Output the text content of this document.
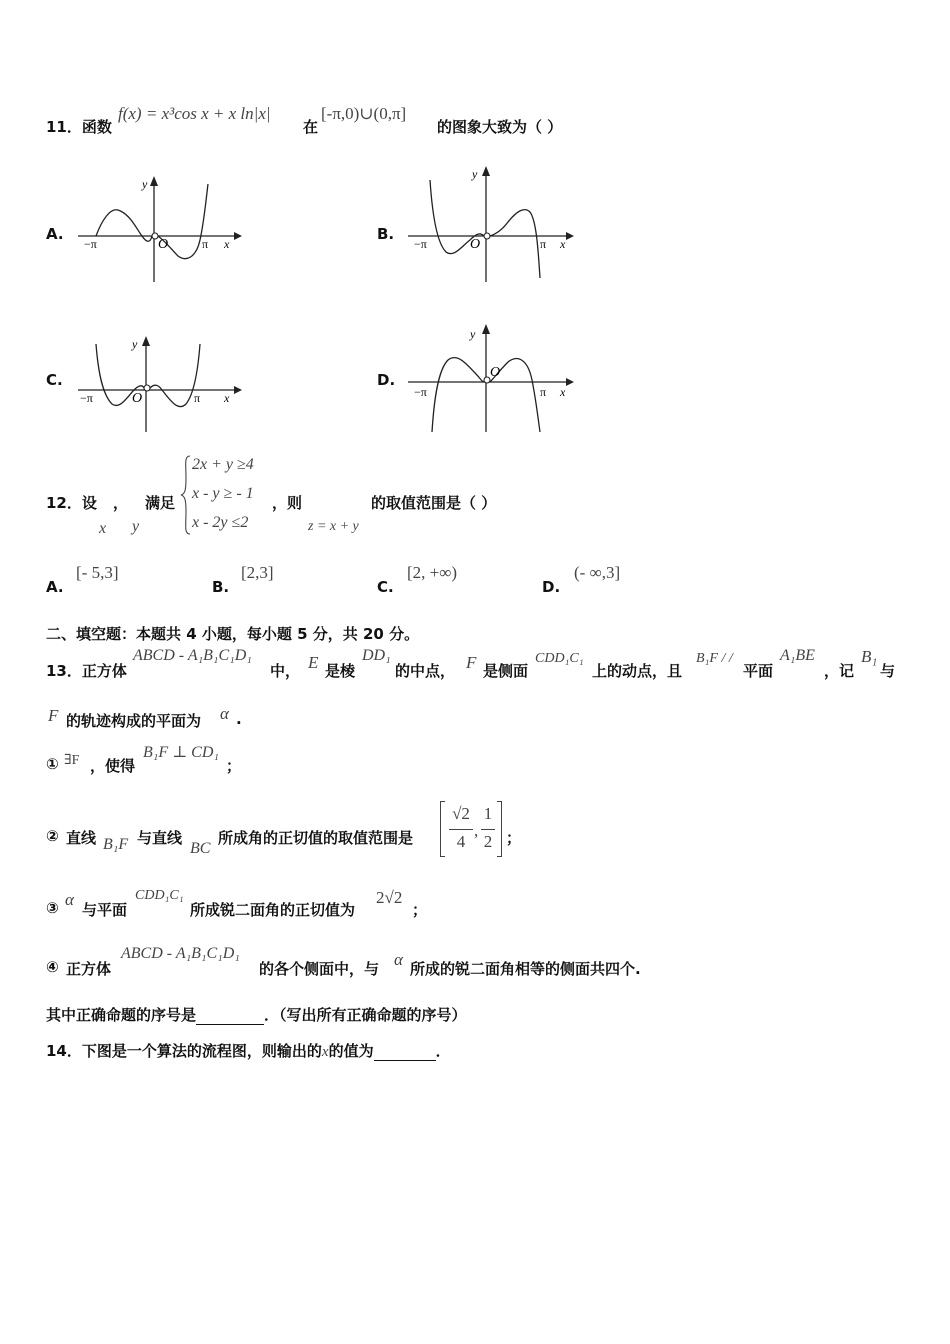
11．函数
f(x) = x³cos x + x ln|x|
在
[-π,0)∪(0,π]
的图象大致为（ ）
A.	B.
C.	D.
−π	π
O
y
x	−π	π
O
y
x
−π	π
O
y
x	−π	π
O
y
x
12．设 ， 满足
x y
2x + y ≥4
x - y ≥ - 1
x - 2y ≤2
，则
z = x + y
的取值范围是（ ）
A.
[- 5,3]
B.
[2,3]
C.
[2, +∞)
D.
(- ∞,3]
二、填空题：本题共 4 小题，每小题 5 分，共 20 分。
13．正方体
ABCD - A₁B₁C₁D₁
中， E 是棱
DD₁
的中点， F 是侧面
CDD₁C₁
上的动点，且
B₁F / /
平面
A₁BE
，记
B₁
与
F 的轨迹构成的平面为 α .
① ∃F ，使得
B₁F ⊥ CD₁
；
② 直线 B₁F 与直线
BC
所成角的正切值的取值范围是
√2
4
,
1
2 ；
③ α
与平面
CDD₁C₁
所成锐二面角的正切值为
2√2
；
④ 正方体
ABCD - A₁B₁C₁D₁
的各个侧面中，与 α 所成的锐二面角相等的侧面共四个.
其中正确命题的序号是	．（写出所有正确命题的序号）
14．下图是一个算法的流程图，则输出的x的值为	．
